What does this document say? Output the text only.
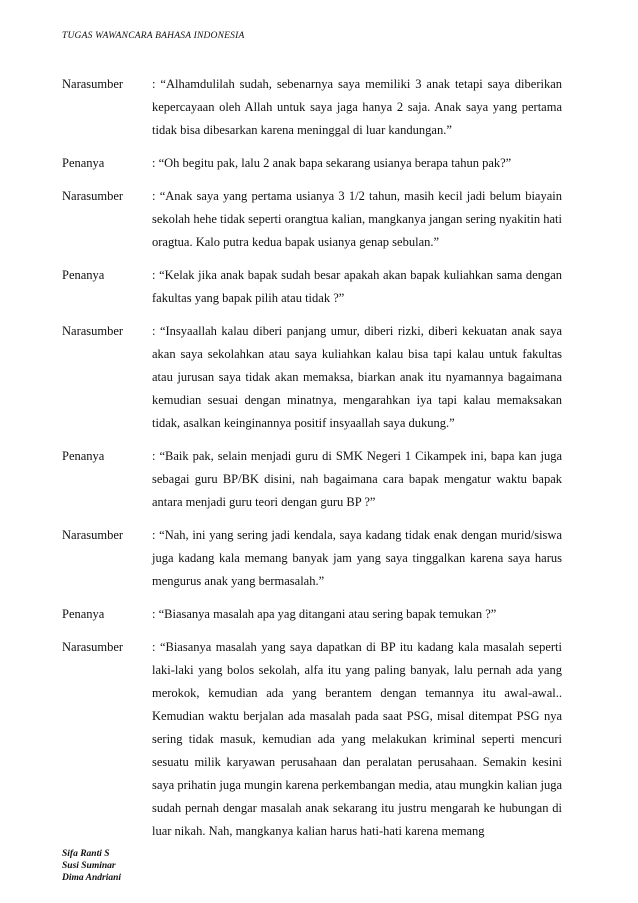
TUGAS WAWANCARA BAHASA INDONESIA
Narasumber	: “Alhamdulilah sudah, sebenarnya saya memiliki 3 anak tetapi saya diberikan kepercayaan oleh Allah untuk saya jaga hanya 2 saja. Anak saya yang pertama tidak bisa dibesarkan karena meninggal di luar kandungan.”
Penanya	: “Oh begitu pak, lalu 2 anak bapa sekarang usianya berapa tahun pak?”
Narasumber	: “Anak saya yang pertama usianya 3 1/2 tahun, masih kecil jadi belum biayain sekolah hehe tidak seperti orangtua kalian, mangkanya jangan sering nyakitin hati oragtua. Kalo putra kedua bapak usianya genap sebulan.”
Penanya	: “Kelak jika anak bapak sudah besar apakah akan bapak kuliahkan sama dengan fakultas yang bapak pilih atau tidak ?”
Narasumber	: “Insyaallah kalau diberi panjang umur, diberi rizki, diberi kekuatan anak saya akan saya sekolahkan atau saya kuliahkan kalau bisa tapi kalau untuk fakultas atau jurusan saya tidak akan memaksa, biarkan anak itu nyamannya bagaimana kemudian sesuai dengan minatnya, mengarahkan iya tapi kalau memaksakan tidak, asalkan keinginannya positif insyaallah saya dukung.”
Penanya	: “Baik pak, selain menjadi guru di SMK Negeri 1 Cikampek ini, bapa kan juga sebagai guru BP/BK disini, nah bagaimana cara bapak mengatur waktu bapak antara menjadi guru teori dengan guru BP ?”
Narasumber	: “Nah, ini yang sering jadi kendala, saya kadang tidak enak dengan murid/siswa juga kadang kala memang banyak jam yang saya tinggalkan karena saya harus mengurus anak yang bermasalah.”
Penanya	: “Biasanya masalah apa yag ditangani atau sering bapak temukan ?”
Narasumber	: “Biasanya masalah yang saya dapatkan di BP itu kadang kala masalah seperti laki-laki yang bolos sekolah, alfa itu yang paling banyak, lalu pernah ada yang merokok, kemudian ada yang berantem dengan temannya itu awal-awal.. Kemudian waktu berjalan ada masalah pada saat PSG, misal ditempat PSG nya sering tidak masuk, kemudian ada yang melakukan kriminal seperti mencuri sesuatu milik karyawan perusahaan dan peralatan perusahaan. Semakin kesini saya prihatin juga mungin karena perkembangan media, atau mungkin kalian juga sudah pernah dengar masalah anak sekarang itu justru mengarah ke hubungan di luar nikah. Nah, mangkanya kalian harus hati-hati karena memang
Sifa Ranti S
Susi Suminar
Dima Andriani
